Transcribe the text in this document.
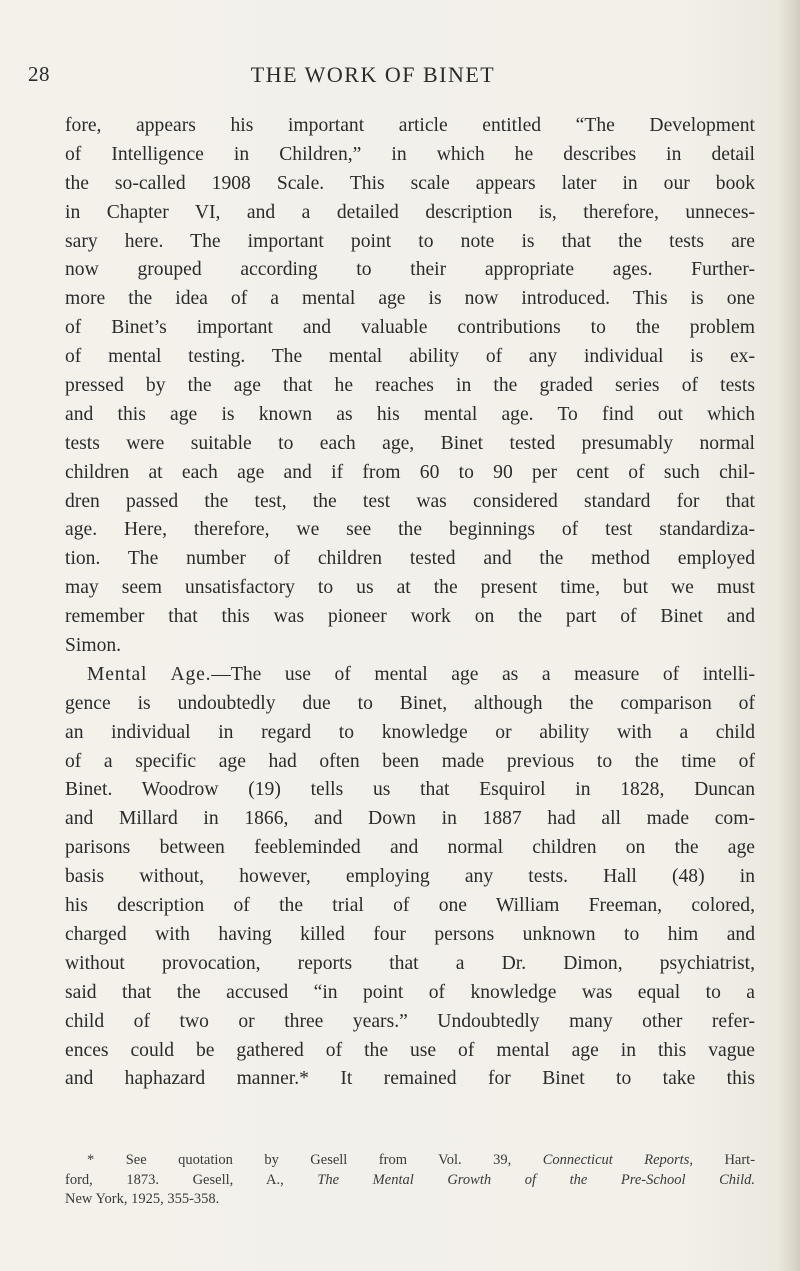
28	THE WORK OF BINET
fore, appears his important article entitled “The Development
of Intelligence in Children,” in which he describes in detail
the so-called 1908 Scale. This scale appears later in our book
in Chapter VI, and a detailed description is, therefore, unneces-
sary here. The important point to note is that the tests are
now grouped according to their appropriate ages. Further-
more the idea of a mental age is now introduced. This is one
of Binet’s important and valuable contributions to the problem
of mental testing. The mental ability of any individual is ex-
pressed by the age that he reaches in the graded series of tests
and this age is known as his mental age. To find out which
tests were suitable to each age, Binet tested presumably normal
children at each age and if from 60 to 90 per cent of such chil-
dren passed the test, the test was considered standard for that
age. Here, therefore, we see the beginnings of test standardiza-
tion. The number of children tested and the method employed
may seem unsatisfactory to us at the present time, but we must
remember that this was pioneer work on the part of Binet and
Simon.
Mental Age.—The use of mental age as a measure of intelli-
gence is undoubtedly due to Binet, although the comparison of
an individual in regard to knowledge or ability with a child
of a specific age had often been made previous to the time of
Binet. Woodrow (19) tells us that Esquirol in 1828, Duncan
and Millard in 1866, and Down in 1887 had all made com-
parisons between feebleminded and normal children on the age
basis without, however, employing any tests. Hall (48) in
his description of the trial of one William Freeman, colored,
charged with having killed four persons unknown to him and
without provocation, reports that a Dr. Dimon, psychiatrist,
said that the accused “in point of knowledge was equal to a
child of two or three years.” Undoubtedly many other refer-
ences could be gathered of the use of mental age in this vague
and haphazard manner.* It remained for Binet to take this
* See quotation by Gesell from Vol. 39, Connecticut Reports, Hart-
ford, 1873. Gesell, A., The Mental Growth of the Pre-School Child.
New York, 1925, 355-358.
